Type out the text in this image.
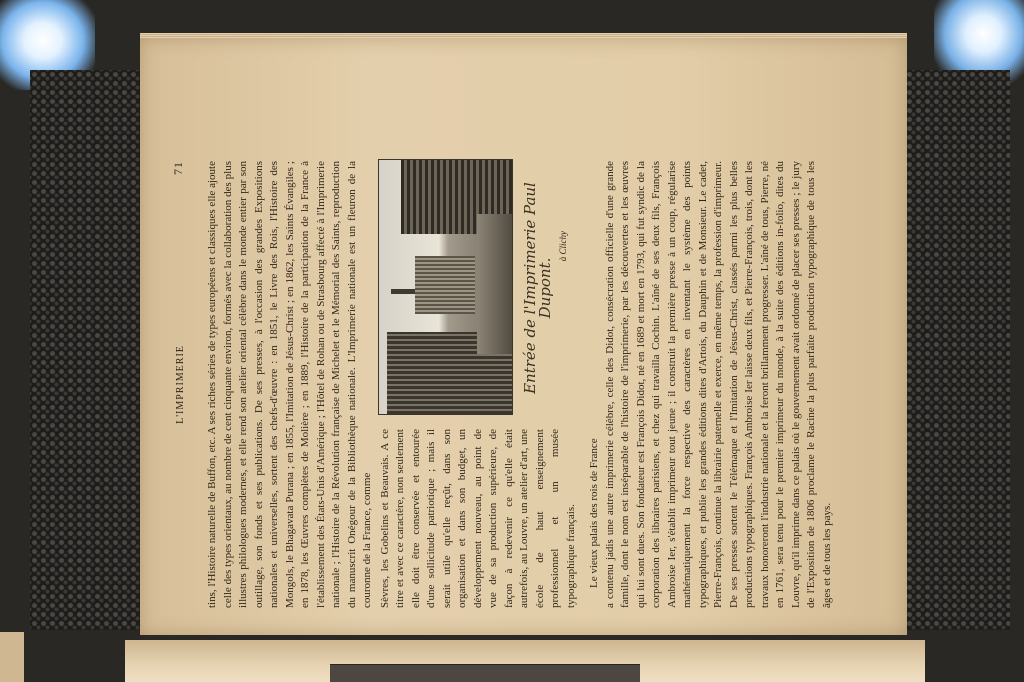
L'IMPRIMERIE
71 tins, l'Histoire naturelle de Buffon, etc. A ses riches séries de types européens et classiques elle ajoute celle des types orientaux, au nombre de cent cinquante environ, formés avec la collaboration des plus illustres philologues modernes, et elle rend son atelier oriental célèbre dans le monde entier par son outillage, son fonds et ses publications. De ses presses, à l'occasion des grandes Expositions nationales et universelles, sortent des chefs-d'œuvre : en 1851, le Livre des Rois, l'Histoire des Mongols, le Bhagavata Purana ; en 1855, l'Imitation de Jésus-Christ ; en 1862, les Saints Évangiles ; en 1878, les Œuvres complètes de Molière ; en 1889, l'Histoire de la participation de la France à l'établissement des États-Unis d'Amérique ; l'Hôtel de Rohan ou de Strasbourg affecté à l'Imprimerie nationale ; l'Histoire de la Révolution française de Michelet et le Mémorial des Saints, reproduction du manuscrit Onégour de la Bibliothèque nationale. L'Imprimerie nationale est un fleuron de la couronne de la France, comme

Entrée de l'Imprimerie Paul Dupont.
à Clichy
Sèvres, les Gobelins et Beauvais. A ce titre et avec ce caractère, non seulement elle doit être conservée et entourée d'une sollicitude patriotique ; mais il serait utile qu'elle reçût, dans son organisation et dans son budget, un développement nouveau, au point de vue de sa production supérieure, de façon à redevenir ce qu'elle était autrefois, au Louvre, un atelier d'art, une école de haut enseignement professionnel et un musée typographique français. Le vieux palais des rois de France a contenu jadis une autre imprimerie célèbre, celle des Didot, consécration officielle d'une grande famille, dont le nom est inséparable de l'histoire de l'imprimerie, par les découvertes et les œuvres qui lui sont dues. Son fondateur est François Didot, né en 1689 et mort en 1793, qui fut syndic de la corporation des libraires parisiens, et chez qui travailla Cochin. L'aîné de ses deux fils, François Ambroise Ier, s'établit imprimeur tout jeune ; il construit la première presse à un coup, régularise mathématiquement la force respective des caractères en inventant le système des points typographiques, et publie les grandes éditions dites d'Artois, du Dauphin et de Monsieur. Le cadet, Pierre-François, continue la librairie paternelle et exerce, en même temps, la profession d'imprimeur. De ses presses sortent le Télémaque et l'Imitation de Jésus-Christ, classés parmi les plus belles productions typographiques. François Ambroise Ier laisse deux fils, et Pierre-François, trois, dont les travaux honoreront l'industrie nationale et la feront brillamment progresser. L'aîné de tous, Pierre, né en 1761, sera tenu pour le premier imprimeur du monde, à la suite des éditions in-folio, dites du Louvre, qu'il imprime dans ce palais où le gouvernement avait ordonné de placer ses presses ; le jury de l'Exposition de 1806 proclame le Racine la plus parfaite production typographique de tous les âges et de tous les pays.
